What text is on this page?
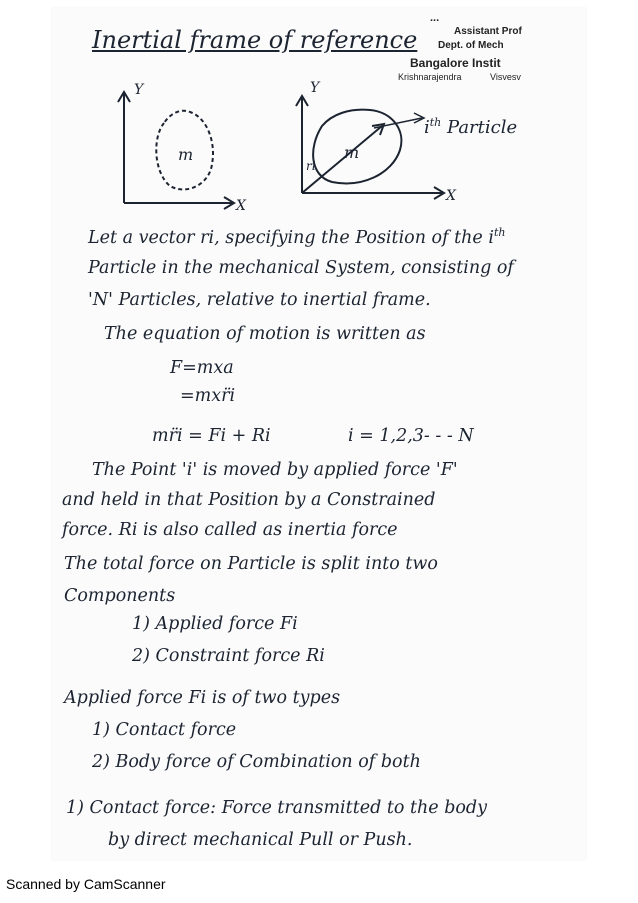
...
Assistant Prof
Dept. of Mech
Bangalore Instit
Krishnarajendra	Visvesv
Inertial frame of reference
Y
X
m
Y
X
m
ri
$i^{th}$ Particle
Let a vector ri, specifying the Position of the $i^{th}$
Particle in the mechanical System, consisting of
'N' Particles, relative to inertial frame.
The equation of motion is written as
F=mxa
=mxr̈i
mr̈i = Fi + Ri	i = 1,2,3- - - N
The Point 'i' is moved by applied force 'F'
and held in that Position by a Constrained
force. Ri is also called as inertia force
The total force on Particle is split into two
Components
1) Applied force Fi
2) Constraint force Ri
Applied force Fi is of two types
1) Contact force
2) Body force of Combination of both
1) Contact force: Force transmitted to the body
by direct mechanical Pull or Push.
Scanned by CamScanner
